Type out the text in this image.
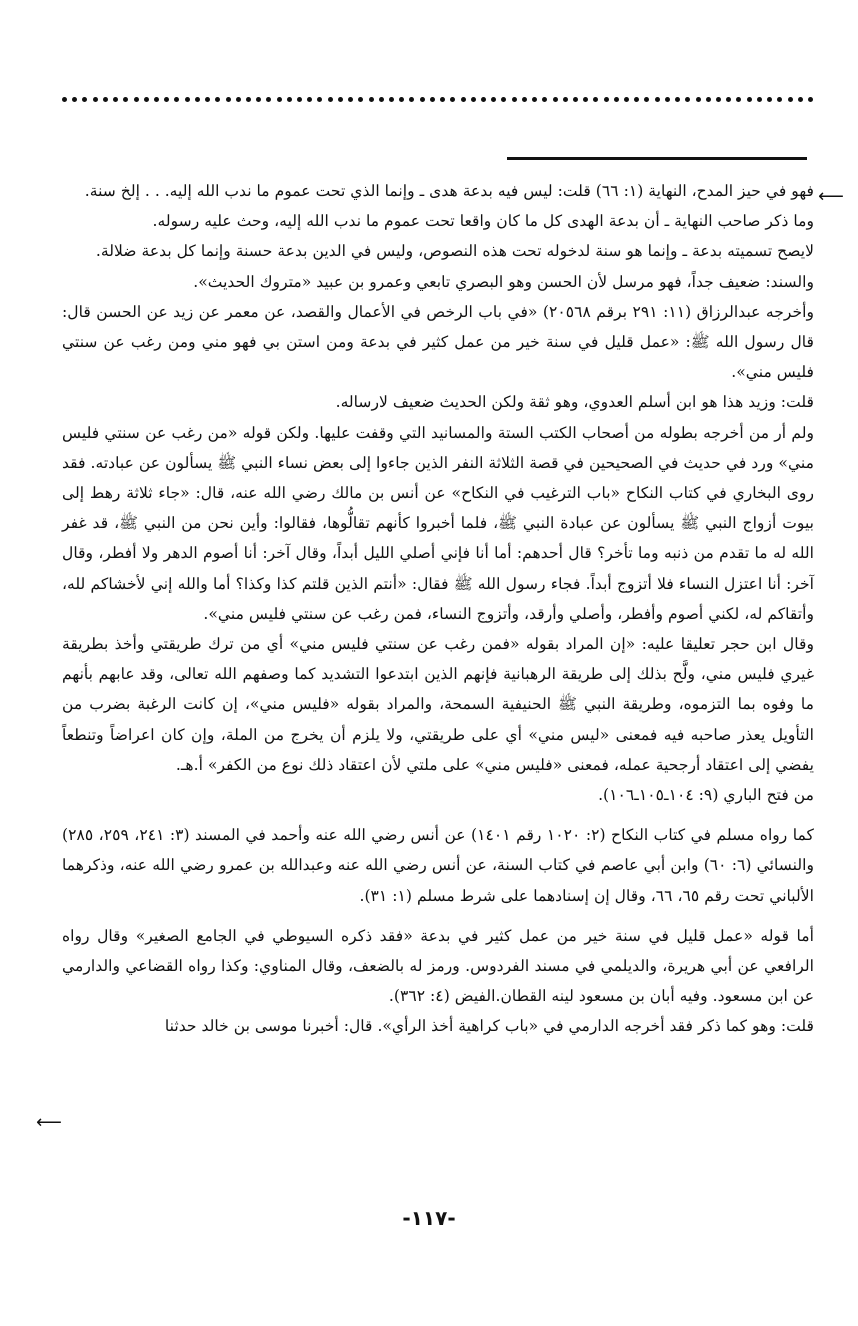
⟵

فهو في حيز المدح، النهاية (١: ٦٦) قلت: ليس فيه بدعة هدى ـ وإنما الذي تحت عموم ما ندب الله إليه. . . إلخ سنة.

وما ذكر صاحب النهاية ـ أن بدعة الهدى كل ما كان واقعا تحت عموم ما ندب الله إليه، وحث عليه رسوله.

لايصح تسميته بدعة ـ وإنما هو سنة لدخوله تحت هذه النصوص، وليس في الدين بدعة حسنة وإنما كل بدعة ضلالة.

والسند: ضعيف جداً، فهو مرسل لأن الحسن وهو البصري تابعي وعمرو بن عبيد «متروك الحديث».

وأخرجه عبدالرزاق (١١: ٢٩١ برقم ٢٠٥٦٨) «في باب الرخص في الأعمال والقصد، عن معمر عن زيد عن الحسن قال: قال رسول الله ﷺ: «عمل قليل في سنة خير من عمل كثير في بدعة ومن استن بي فهو مني ومن رغب عن سنتي فليس مني».

قلت: وزيد هذا هو ابن أسلم العدوي، وهو ثقة ولكن الحديث ضعيف لارساله.

ولم أر من أخرجه بطوله من أصحاب الكتب الستة والمسانيد التي وقفت عليها. ولكن قوله «من رغب عن سنتي فليس مني» ورد في حديث في الصحيحين في قصة الثلاثة النفر الذين جاءوا إلى بعض نساء النبي ﷺ يسألون عن عبادته. فقد روى البخاري في كتاب النكاح «باب الترغيب في النكاح» عن أنس بن مالك رضي الله عنه، قال: «جاء ثلاثة رهط إلى بيوت أزواج النبي ﷺ يسألون عن عبادة النبي ﷺ، فلما أخبروا كأنهم تقالُّوها، فقالوا: وأين نحن من النبي ﷺ، قد غفر الله له ما تقدم من ذنبه وما تأخر؟ قال أحدهم: أما أنا فإني أصلي الليل أبداً، وقال آخر: أنا أصوم الدهر ولا أفطر، وقال آخر: أنا اعتزل النساء فلا أتزوج أبداً. فجاء رسول الله ﷺ فقال: «أنتم الذين قلتم كذا وكذا؟ أما والله إني لأخشاكم لله، وأتقاكم له، لكني أصوم وأفطر، وأصلي وأرقد، وأتزوج النساء، فمن رغب عن سنتي فليس مني».

وقال ابن حجر تعليقا عليه: «إن المراد بقوله «فمن رغب عن سنتي فليس مني» أي من ترك طريقتي وأخذ بطريقة غيري فليس مني، ولَّح بذلك إلى طريقة الرهبانية فإنهم الذين ابتدعوا التشديد كما وصفهم الله تعالى، وقد عابهم بأنهم ما وفوه بما التزموه، وطريقة النبي ﷺ الحنيفية السمحة، والمراد بقوله «فليس مني»، إن كانت الرغبة بضرب من التأويل يعذر صاحبه فيه فمعنى «ليس مني» أي على طريقتي، ولا يلزم أن يخرج من الملة، وإن كان اعراضاً وتنطعاً يفضي إلى اعتقاد أرجحية عمله، فمعنى «فليس مني» على ملتي لأن اعتقاد ذلك نوع من الكفر» أ.هـ.

من فتح الباري (٩: ١٠٤ـ١٠٥ـ١٠٦).

كما رواه مسلم في كتاب النكاح (٢: ١٠٢٠ رقم ١٤٠١) عن أنس رضي الله عنه وأحمد في المسند (٣: ٢٤١، ٢٥٩، ٢٨٥) والنسائي (٦: ٦٠) وابن أبي عاصم في كتاب السنة، عن أنس رضي الله عنه وعبدالله بن عمرو رضي الله عنه، وذكرهما الألباني تحت رقم ٦٥، ٦٦، وقال إن إسنادهما على شرط مسلم (١: ٣١).

أما قوله «عمل قليل في سنة خير من عمل كثير في بدعة «فقد ذكره السيوطي في الجامع الصغير» وقال رواه الرافعي عن أبي هريرة، والديلمي في مسند الفردوس. ورمز له بالضعف، وقال المناوي: وكذا رواه القضاعي والدارمي عن ابن مسعود. وفيه أبان بن مسعود لينه القطان.الفيض (٤: ٣٦٢).

قلت: وهو كما ذكر فقد أخرجه الدارمي في «باب كراهية أخذ الرأي». قال: أخبرنا موسى بن خالد حدثنا

⟵
-١١٧-
